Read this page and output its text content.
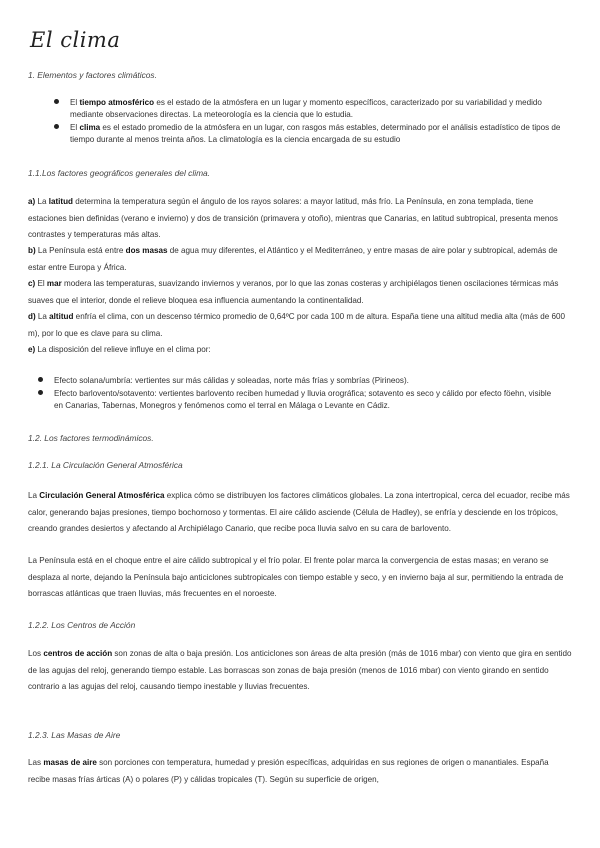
El clima
1. Elementos y factores climáticos.
El tiempo atmosférico es el estado de la atmósfera en un lugar y momento específicos, caracterizado por su variabilidad y medido mediante observaciones directas. La meteorología es la ciencia que lo estudia.
El clima es el estado promedio de la atmósfera en un lugar, con rasgos más estables, determinado por el análisis estadístico de tipos de tiempo durante al menos treinta años. La climatología es la ciencia encargada de su estudio
1.1.Los factores geográficos generales del clima.

a) La latitud determina la temperatura según el ángulo de los rayos solares: a mayor latitud, más frío. La Península, en zona templada, tiene estaciones bien definidas (verano e invierno) y dos de transición (primavera y otoño), mientras que Canarias, en latitud subtropical, presenta menos contrastes y temperaturas más altas.

b) La Península está entre dos masas de agua muy diferentes, el Atlántico y el Mediterráneo, y entre masas de aire polar y subtropical, además de estar entre Europa y África.

c) El mar modera las temperaturas, suavizando inviernos y veranos, por lo que las zonas costeras y archipiélagos tienen oscilaciones térmicas más suaves que el interior, donde el relieve bloquea esa influencia aumentando la continentalidad.

d) La altitud enfría el clima, con un descenso térmico promedio de 0,64ºC por cada 100 m de altura. España tiene una altitud media alta (más de 600 m), por lo que es clave para su clima.

e) La disposición del relieve influye en el clima por:

Efecto solana/umbría: vertientes sur más cálidas y soleadas, norte más frías y sombrías (Pirineos).
Efecto barlovento/sotavento: vertientes barlovento reciben humedad y lluvia orográfica; sotavento es seco y cálido por efecto föehn, visible en Canarias, Tabernas, Monegros y fenómenos como el terral en Málaga o Levante en Cádiz.
1.2. Los factores termodinámicos.
1.2.1. La Circulación General Atmosférica

La Circulación General Atmosférica explica cómo se distribuyen los factores climáticos globales. La zona intertropical, cerca del ecuador, recibe más calor, generando bajas presiones, tiempo bochornoso y tormentas. El aire cálido asciende (Célula de Hadley), se enfría y desciende en los trópicos, creando grandes desiertos y afectando al Archipiélago Canario, que recibe poca lluvia salvo en su cara de barlovento.

La Península está en el choque entre el aire cálido subtropical y el frío polar. El frente polar marca la convergencia de estas masas; en verano se desplaza al norte, dejando la Península bajo anticiclones subtropicales con tiempo estable y seco, y en invierno baja al sur, permitiendo la entrada de borrascas atlánticas que traen lluvias, más frecuentes en el noroeste.

1.2.2. Los Centros de Acción

Los centros de acción son zonas de alta o baja presión. Los anticiclones son áreas de alta presión (más de 1016 mbar) con viento que gira en sentido de las agujas del reloj, generando tiempo estable. Las borrascas son zonas de baja presión (menos de 1016 mbar) con viento girando en sentido contrario a las agujas del reloj, causando tiempo inestable y lluvias frecuentes.

1.2.3. Las Masas de Aire

Las masas de aire son porciones con temperatura, humedad y presión específicas, adquiridas en sus regiones de origen o manantiales. España recibe masas frías árticas (A) o polares (P) y cálidas tropicales (T). Según su superficie de origen,
